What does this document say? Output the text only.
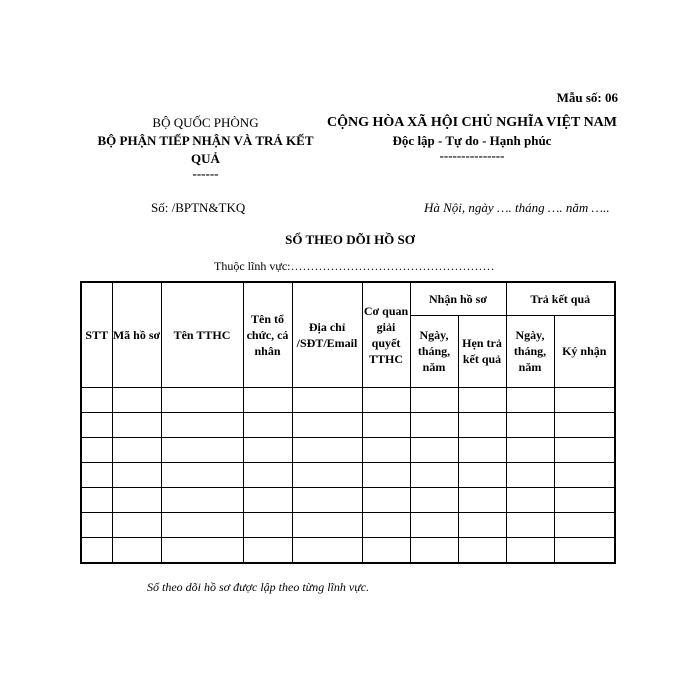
Mẫu số: 06
BỘ QUỐC PHÒNG
BỘ PHẬN TIẾP NHẬN VÀ TRẢ KẾT QUẢ
------
CỘNG HÒA XÃ HỘI CHỦ NGHĨA VIỆT NAM
Độc lập - Tự do - Hạnh phúc
---------------
Số: /BPTN&TKQ	Hà Nội, ngày …. tháng …. năm …..
SỔ THEO DÕI HỒ SƠ
Thuộc lĩnh vực:……………………………………………
STT	Mã hồ sơ	Tên TTHC	Tên tổ chức, cá nhân	Địa chỉ /SĐT/Email	Cơ quan giải quyết TTHC	Nhận hồ sơ		Trả kết quả	
						Ngày, tháng, năm	Hẹn trả kết quả	Ngày, tháng, năm	Ký nhận

Sổ theo dõi hồ sơ được lập theo từng lĩnh vực.
